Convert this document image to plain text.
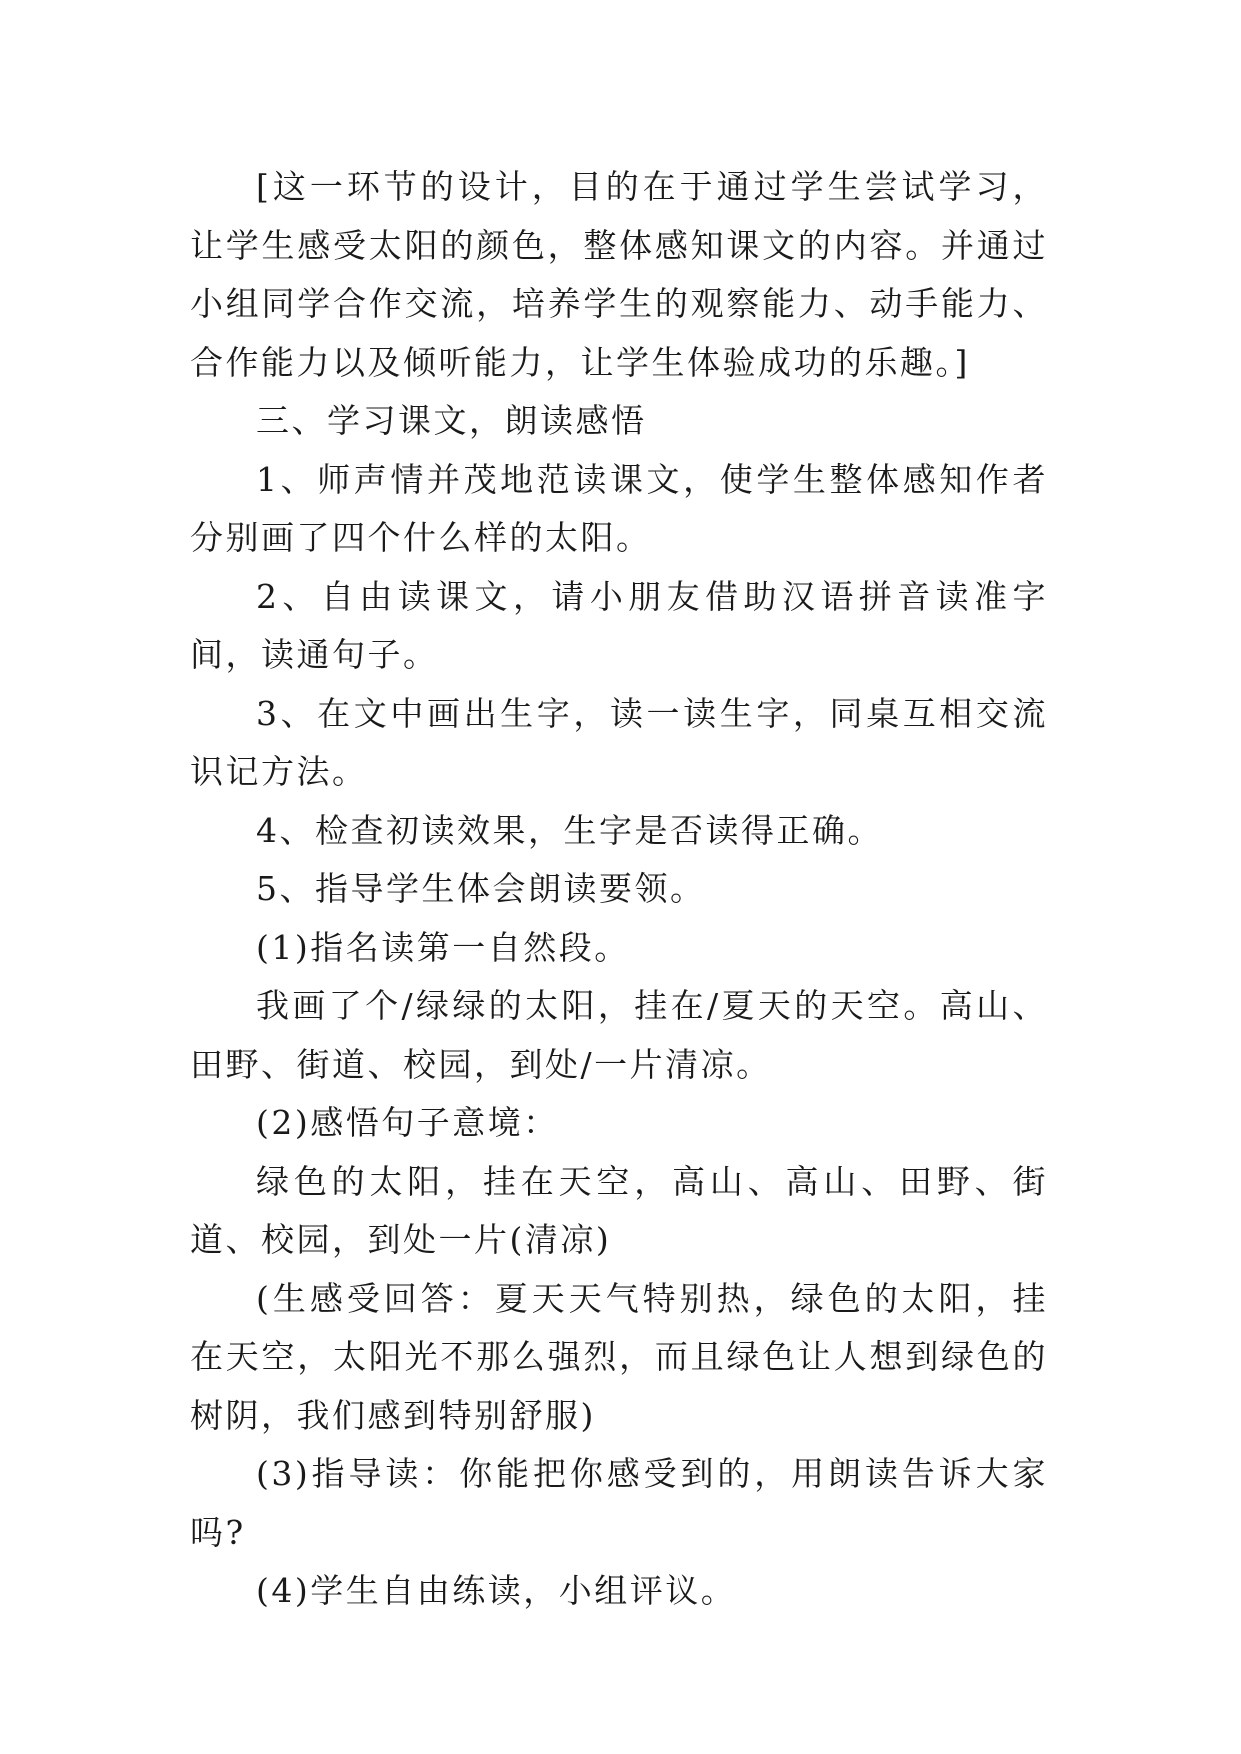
[这一环节的设计，目的在于通过学生尝试学习，让学生感受太阳的颜色，整体感知课文的内容。并通过小组同学合作交流，培养学生的观察能力、动手能力、合作能力以及倾听能力，让学生体验成功的乐趣。]

三、学习课文，朗读感悟

1、师声情并茂地范读课文，使学生整体感知作者分别画了四个什么样的太阳。

2、自由读课文，请小朋友借助汉语拼音读准字间，读通句子。

3、在文中画出生字，读一读生字，同桌互相交流识记方法。

4、检查初读效果，生字是否读得正确。

5、指导学生体会朗读要领。

(1)指名读第一自然段。

我画了个/绿绿的太阳，挂在/夏天的天空。高山、田野、街道、校园，到处/一片清凉。

(2)感悟句子意境：

绿色的太阳，挂在天空，高山、高山、田野、街道、校园，到处一片(清凉)

(生感受回答：夏天天气特别热，绿色的太阳，挂在天空，太阳光不那么强烈，而且绿色让人想到绿色的树阴，我们感到特别舒服)

(3)指导读：你能把你感受到的，用朗读告诉大家吗?

(4)学生自由练读，小组评议。
